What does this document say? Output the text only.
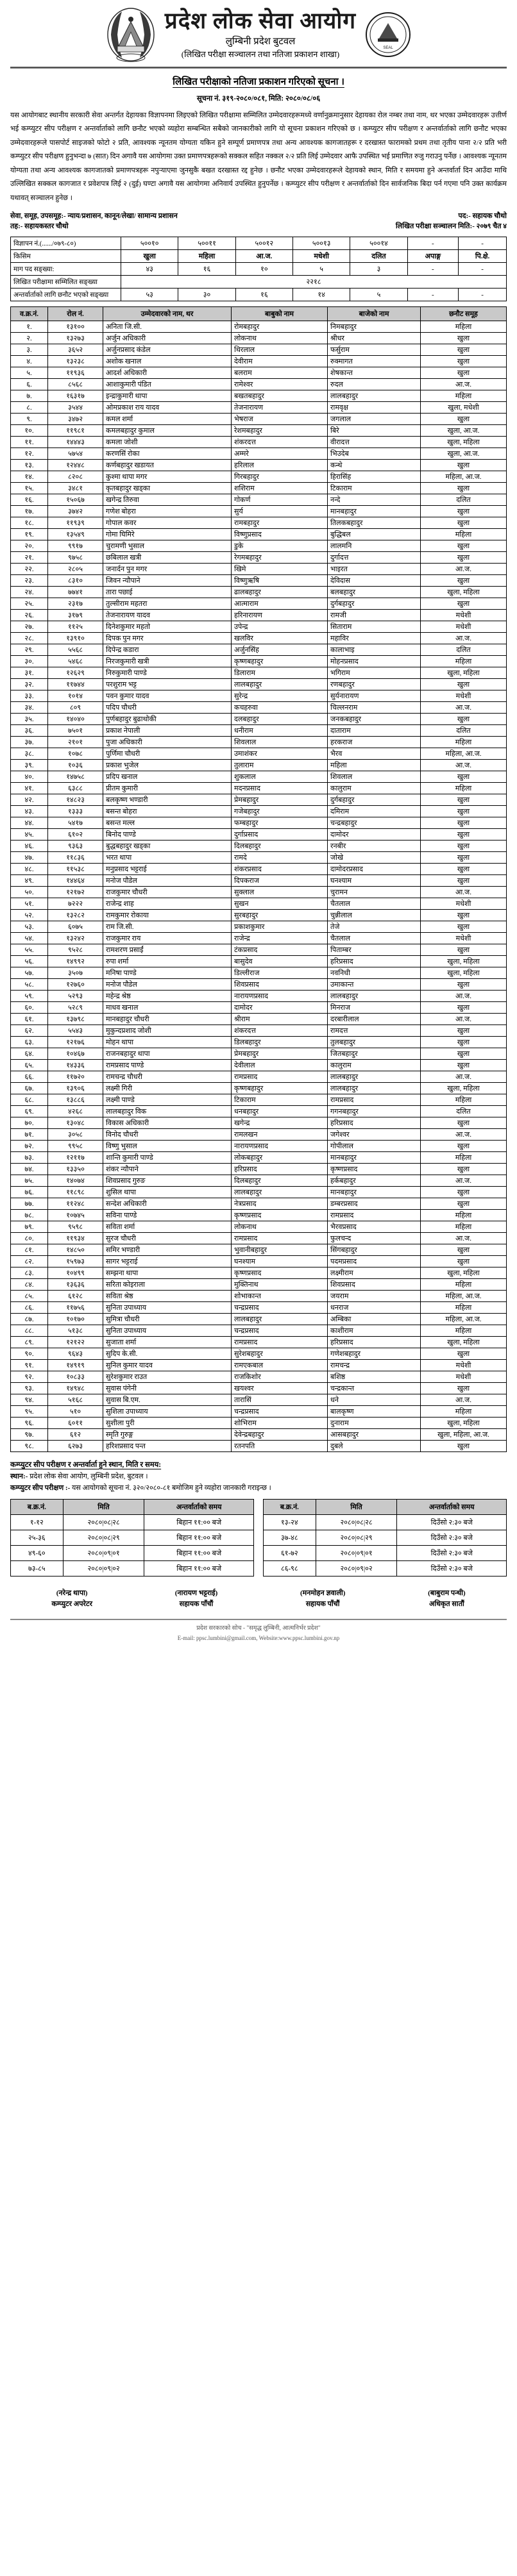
प्रदेश लोक सेवा आयोग
लुम्बिनी प्रदेश बुटवल
(लिखित परीक्षा सञ्चालन तथा नतिजा प्रकाशन शाखा)
SEAL
लिखित परीक्षाको नतिजा प्रकाशन गरिएको सूचना ।
सूचना नं. ३१९-२०८०/०८१, मिति: २०८०/०८/०६
यस आयोगबाट स्थानीय सरकारी सेवा अन्तर्गत देहायका विज्ञापनमा लिइएको लिखित परीक्षामा सम्मिलित उम्मेदवारहरूमध्ये वर्णानुक्रमानुसार देहायका रोल नम्बर तथा नाम, थर भएका उम्मेदवारहरू उत्तीर्ण भई कम्प्युटर सीप परीक्षण र अन्तर्वार्ताको लागि छनौट भएको व्यहोरा सम्बन्धित सबैको जानकारीको लागि यो सूचना प्रकाशन गरिएको छ । कम्प्युटर सीप परीक्षण र अन्तर्वार्ताको लागि छनौट भएका उम्मेदवारहरूले पासपोर्ट साइजको फोटो २ प्रति, आवश्यक न्यूनतम योग्यता यकिन हुने सम्पूर्ण प्रमाणपत्र तथा अन्य आवश्यक कागजातहरू र दरखास्त फारामको प्रथम तथा तृतीय पाना २/२ प्रति भरी कम्प्युटर सीप परीक्षण हुनुभन्दा ७ (सात) दिन अगावै यस आयोगमा उक्त प्रमाणपत्रहरूको सक्कल सहित नक्कल २/२ प्रति लिई उम्मेदवार आफै उपस्थित भई प्रमाणित रुजु गराउनु पर्नेछ । आवश्यक न्यूनतम योग्यता तथा अन्य आवश्यक कागजातको प्रमाणपत्रहरू नपुऱ्याएमा जुनसुकै बखत दरखास्त रद्द हुनेछ । छनौट भएका उम्मेदवारहरूले देहायको स्थान, मिति र समयमा हुने अन्तर्वार्ता दिन आउँदा माथि उल्लिखित सक्कल कागजात र प्रवेशपत्र लिई २ (दुई) घण्टा अगावै यस आयोगमा अनिवार्य उपस्थित हुनुपर्नेछ । कम्प्युटर सीप परीक्षण र अन्तर्वार्ताको दिन सार्वजनिक बिदा पर्न गएमा पनि उक्त कार्यक्रम यथावत् सञ्चालन हुनेछ ।
सेवा, समूह, उपसमूह:- न्याय/प्रशासन, कानून/लेखा/ सामान्य प्रशासन	पद:- सहायक चौथो
तह:- सहायकस्तर चौथो	लिखित परीक्षा सञ्चालन मिति:- २०७९ चैत ४
विज्ञापन नं.(....../०७९-८०)	५००१०	५००११	५००१२	५००१३	५००१४	-	-
किसिम	खुला	महिला	आ.ज.	मधेशी	दलित	अपाङ्ग	पि.क्षे.
माग पद सङ्ख्या:	४३	१६	१०	५	३	-	-
लिखित परीक्षामा सम्मिलित सङ्ख्या	२२१८						
अन्तर्वार्ताको लागि छनौट भएको सङ्ख्या	५३	३०	१६	१४	५	-	-
व.क्र.नं.	रोल नं.	उम्मेदवारको नाम, थर	बाबुको नाम	बाजेको नाम	छनौट समूह
१.	१३१००	अनिता जि.सी.	रोमबहादुर	निमबहादुर	महिला
२.	१३२७३	अर्जुन अधिकारी	लोकनाथ	श्रीधर	खुला
३.	३६५२	अर्जुनप्रसाद कंडेल	थिरलाल	फर्सुराम	खुला
४.	१३२३८	अशोक खनाल	देवीराम	रुक्मागत	खुला
५.	११९३६	आदर्श अधिकारी	बलराम	शेषकान्त	खुला
६.	८५६८	आशाकुमारी पंडित	रामेश्वर	रुदल	आ.ज.
७.	१६३१७	इन्द्राकुमारी थापा	बखतबहादुर	लालबहादुर	महिला
८.	३५४४	ओमप्रकाश राय यादव	तेजनारायण	रामवृक्ष	खुला, मधेशी
९.	३४७२	कमल शर्मा	भेषराज	जगलाल	खुला
१०.	११९८१	कमलबहादुर कुमाल	रेशमबहादुर	बिरे	खुला, आ.ज.
११.	१४४४३	कमला जोशी	शंकरदत्त	वीरादत्त	खुला, महिला
१२.	५७५४	करणसिं रोका	अम्मरे	भिउदेब	खुला, आ.ज.
१३.	१२४४८	कर्णबहादुर खडायत	हरिलाल	कन्थे	खुला
१४.	८२०८	कुश्मा थापा मगर	गिरबहादुर	हिरासिंह	महिला, आ.ज.
१५.	३४८१	कृतबहादुर खड्का	शशिराम	टिकाराम	खुला
१६.	१५०६७	खगेन्द्र तिरुवा	गोकर्ण	नन्दे	दलित
१७.	३७४२	गणेश बोहरा	सुर्य	मानबहादुर	खुला
१८.	११९३९	गोपाल कवर	रामबहादुर	तिलकबहादुर	खुला
१९.	१३५४९	गोमा घिमिरे	विष्णुप्रसाद	बुद्धिबल	महिला
२०.	९९१७	चुरामणी भुसाल	डुके	लालमनि	खुला
२१.	९७५८	छबिलाल खत्री	रेगमबहादुर	दुर्गादत्त	खुला
२२.	२८०५	जनार्दन पुन मगर	खिमे	भाइरत	आ.ज.
२३.	८३१०	जिवन न्यौपाने	विष्णुऋषि	देविदास	खुला
२४.	७७४१	तारा पछाई	ढालबहादुर	बलबहादुर	खुला, महिला
२५.	२३१७	तुल्सीराम महतरा	आत्माराम	दुर्गबहादुर	खुला
२६.	३१७९	तेजनारायण यादव	हरिनारायण	रामजी	मधेशी
२७.	११२५	दिनेशकुमार महतो	उपेन्द्र	सिताराम	मधेशी
२८.	१३९१०	दिपक पुन मगर	खलविर	महाविर	आ.ज.
२९.	५५६८	दिपेन्द्र कडारा	अर्जुनसिंह	कालाभाइ	दलित
३०.	५४६८	निरजकुमारी खत्री	कृष्णबहादुर	मोहनप्रसाद	महिला
३१.	१२६२९	निरुकुमारी पाण्डे	डिलाराम	भगिराम	खुला, महिला
३२.	११७४४	परशुराम भट्ट	लालबहादुर	रणबहादुर	खुला
३३.	१०१४	पवन कुमार यादव	सुरेन्द्र	सुर्यनारायण	मधेशी
३४.	८०९	पदिप चौधरी	कचहरुवा	चिल्लनराम	आ.ज.
३५.	१४०४०	पुर्णबहादुर बुढाथोकी	दलबहादुर	जनकबहादुर	खुला
३६.	७५०१	प्रकाश नेपाली	धनीराम	दाताराम	दलित
३७.	२१०१	पुजा अधिकारी	शिवलाल	हरकराज	महिला
३८.	१०७८	पुर्णिमा चौधरी	उमाशंकर	भैरव	महिला, आ.ज.
३९.	१०३६	प्रकाश भुजेल	तुलाराम	महिला	आ.ज.
४०.	१४७५८	प्रदिप खनाल	शुकलाल	शिवलाल	खुला
४१.	६३८८	प्रीतम कुमारी	मदनप्रसाद	कालुराम	महिला
४२.	१४८२३	बलकृष्ण भण्डारी	प्रेमबहादुर	दुर्गबहादुर	खुला
४३.	१३३३	बसन्त बोहरा	गजेबहादुर	दमिराम	खुला
४४.	५४१७	बसन्त मल्ल	फम्बहादुर	चन्द्रबहादुर	खुला
४५.	६१०२	बिनोद पाण्डे	दुर्गाप्रसाद	दामोदर	खुला
४६.	९३६३	बुद्धबहादुर खड्का	दिलबहादुर	रनबीर	खुला
४७.	११८३६	भरत थापा	रामदे	जोखे	खुला
४८.	११५३८	मनुप्रसाद भट्टराई	शंकरप्रसाद	दामोदरप्रसाद	खुला
४९.	१४४६४	मनोज पौडेल	दिपकराज	घनश्याम	खुला
५०.	१२१७२	राजकुमार चौधरी	सुक्लाल	चुरामन	आ.ज.
५१.	७२२२	राजेन्द्र शाह	सुखन	चैतलाल	मधेशी
५२.	१३२८२	रामकुमार रोकाया	सुरबहादुर	चुन्नीलाल	खुला
५३.	६०७५	राम जि.सी.	प्रकाशकुमार	तेजे	खुला
५४.	१३२४२	राजकुमार राय	राजेन्द्र	चैतलाल	मधेशी
५५.	९५२८	रामशरण प्रसाईं	टंकप्रसाद	पिताम्बर	खुला
५६.	१४९९२	रुपा शर्मा	बासुदेव	हरिप्रसाद	खुला, महिला
५७.	३५०७	मनिषा पाण्डे	डिल्लीराज	नवनिधी	खुला, महिला
५८.	१२७६०	मनोज पौडेल	शिवप्रसाद	उमाकान्त	खुला
५९.	५२९३	महेन्द्र श्रेष्ठ	नारायणप्रसाद	लालबहादुर	आ.ज.
६०.	५२८९	माधव खनाल	दामोदर	मिनराज	खुला
६१.	१३७९८	मानबहादुर चौधरी	श्रीराम	दरबारीलाल	आ.ज.
६२.	५५४३	मुकुन्दप्रशाद जोशी	शंकरदत्त	रामदत्त	खुला
६३.	१२१७६	मोहन थापा	डिलबहादुर	तुलबहादुर	खुला
६४.	१०४६७	राजनबहादुर थापा	प्रेमबहादुर	जितबहादुर	खुला
६५.	१४३३६	रामप्रसाद पाण्डे	देवीलाल	कालुराम	खुला
६६.	११७२०	रामचन्द्र चौधरी	रामप्रसाद	लालबहादुर	आ.ज.
६७.	१३९०६	लक्ष्मी गिरी	कृष्णबहादुर	लालबहादुर	खुला, महिला
६८.	१३८८६	लक्ष्मी पाण्डे	टिकाराम	रामप्रसाद	महिला
६९.	४२६८	लालबहादुर विक	धनबहादुर	गगनबहादुर	दलित
७०.	१३०४८	विकास अधिकारी	खगेन्द्र	हरिप्रसाद	खुला
७१.	३०५८	विनोद चौधरी	रामलखन	जगेश्वर	आ.ज.
७२.	९९५८	विष्णु भुसाल	नारायणप्रसाद	गोपीलाल	खुला
७३.	१२११७	शान्ति कुमारी पाण्डे	लोकबहादुर	मानबहादुर	महिला
७४.	१३३५०	शंकर न्यौपाने	हरिप्रसाद	कृष्णप्रसाद	खुला
७५.	१४०७४	शिवप्रसाद गुरुङ	दिलबहादुर	हर्कबहादुर	आ.ज.
७६.	११८९८	शुसिल थापा	लालबहादुर	मानबहादुर	खुला
७७.	११२४८	सन्देश अधिकारी	नेत्रप्रसाद	डम्बरप्रसाद	खुला
७८.	१०७४५	सविना पाण्डे	कृष्णप्रसाद	रामप्रसाद	महिला
७९.	९५९८	सविता शर्मा	लोकनाथ	भैरवप्रसाद	महिला
८०.	११९३४	सुरज चौधरी	रामप्रसाद	फुलचन्द	आ.ज.
८१.	१४८५०	समिर भण्डारी	भुवानीबहादुर	सिंगबहादुर	खुला
८२.	१५९७३	सागर भट्टराई	घनश्याम	पदमप्रसाद	खुला
८३.	१०४९९	सम्झना थापा	कृष्णप्रसाद	लक्ष्मीराम	खुला, महिला
८४.	१३६३६	सरिता कोइराला	मुक्तिनाथ	शिवप्रसाद	महिला
८५.	६१२८	सविता श्रेष्ठ	शोभाकान्त	जयराम	महिला, आ.ज.
८६.	११७५६	सुनिता उपाध्याय	चन्द्रप्रसाद	धनराज	महिला
८७.	१०१७०	सुमित्रा चौधरी	लालबहादुर	अम्बिका	महिला, आ.ज.
८८.	५१३८	सुनिता उपाध्याय	चन्द्रप्रसाद	काशीराम	महिला
८९.	१२१२२	सुजाता शर्मा	रामप्रसाद	हरिप्रसाद	खुला, महिला
९०.	९६४३	सुदिप के.सी.	सुरेशबहादुर	गणेशबहादुर	खुला
९१.	१४९१९	सुनिल कुमार यादव	रामएकबाल	रामचन्द्र	मधेशी
९२.	१०८३३	सुरेशकुमार राउत	राजकिशोर	बशिष्ठ	मधेशी
९३.	१४९४८	सुवास पंगेनी	खयश्वर	चन्द्रकान्त	खुला
९४.	५१६८	सुवास बि.एम.	तारासिं	धने	आ.ज.
९५.	५१०	सुशिला उपाध्याय	चन्द्रप्रसाद	बालकृष्ण	महिला
९६.	६०११	सुशीला पुरी	शोभिराम	दुनाराम	खुला, महिला
९७.	६१२	स्मृति गुरुङ्ग	देवेन्द्रबहादुर	आसबहादुर	खुला, महिला, आ.ज.
९८.	६२७३	हरिशप्रसाद पन्त	रतनपति	दुबले	खुला
कम्प्युटर सीप परीक्षण र अन्तर्वार्ता हुने स्थान, मिति र समय:
स्थान:- प्रदेश लोक सेवा आयोग, लुम्बिनी प्रदेश, बुटवल ।
कम्प्युटर सीप परीक्षण :- यस आयोगको सूचना नं. ३२०/२०८०-८१ बमोजिम हुने व्यहोरा जानकारी गराइन्छ ।
ब.क्र.नं.	मिति	अन्तर्वार्ताको समय
१-१२	२०८०|०८|२८	बिहान ११:०० बजे
२५-३६	२०८०|०८|२९	बिहान ११:०० बजे
४९-६०	२०८०|०९|०१	बिहान ११:०० बजे
७३-८५	२०८०|०९|०२	बिहान ११:०० बजे
ब.क्र.नं.	मिति	अन्तर्वार्ताको समय
१३-२४	२०८०|०८|२८	दिउँसो २:३० बजे
३७-४८	२०८०|०८|२९	दिउँसो २:३० बजे
६१-७२	२०८०|०९|०१	दिउँसो २:३० बजे
८६-९८	२०८०|०९|०२	दिउँसो २:३० बजे
(नरेन्द्र थापा)
कम्प्युटर अपरेटर
(नारायण भट्टराई)
सहायक पाँचौं
(मनमोहन ज्ञवाली)
सहायक पाँचौं
(बाबुराम पन्थी)
अधिकृत सातौं
प्रदेश सरकारको सोच - "समृद्ध लुम्बिनी, आत्मनिर्भर प्रदेश"
E-mail: ppsc.lumbini@gmail.com, Website:www.ppsc.lumbini.gov.np
